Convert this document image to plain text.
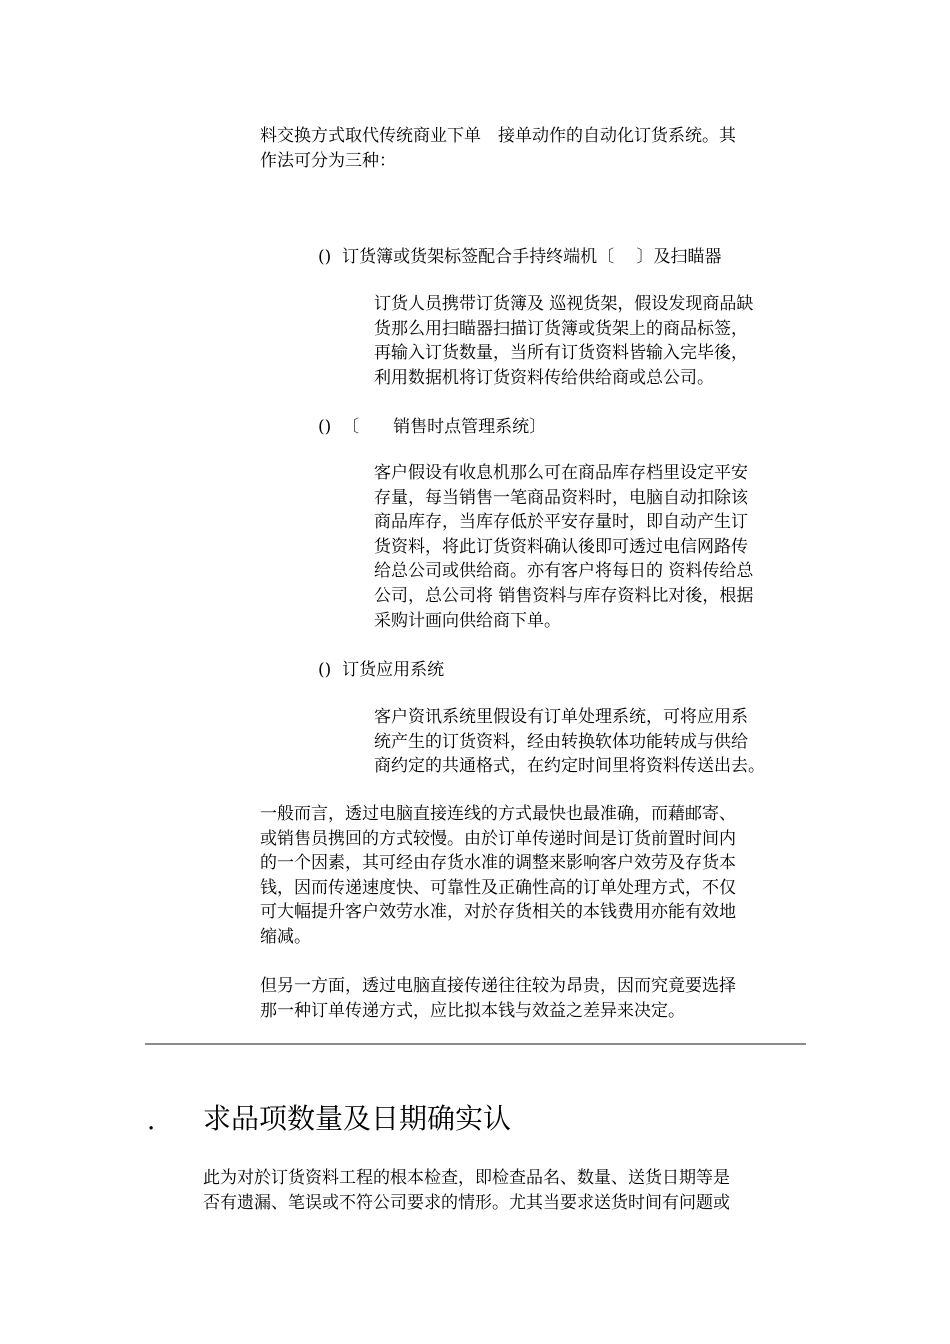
料交换方式取代传统商业下单　接单动作的自动化订货系统。其
作法可分为三种：

()  订货簿或货架标签配合手持终端机〔　 〕及扫瞄器

订货人员携带订货簿及 巡视货架，假设发现商品缺
货那么用扫瞄器扫描订货簿或货架上的商品标签，
再输入订货数量，当所有订货资料皆输入完毕後，
利用数据机将订货资料传给供给商或总公司。

()  〔　　销售时点管理系统〕

客户假设有收息机那么可在商品库存档里设定平安
存量，每当销售一笔商品资料时，电脑自动扣除该
商品库存，当库存低於平安存量时，即自动产生订
货资料，将此订货资料确认後即可透过电信网路传
给总公司或供给商。亦有客户将每日的 资料传给总
公司，总公司将 销售资料与库存资料比对後，根据
采购计画向供给商下单。

()  订货应用系统

客户资讯系统里假设有订单处理系统，可将应用系
统产生的订货资料，经由转换软体功能转成与供给
商约定的共通格式，在约定时间里将资料传送出去。

一般而言，透过电脑直接连线的方式最快也最准确，而藉邮寄、
或销售员携回的方式较慢。由於订单传递时间是订货前置时间内
的一个因素，其可经由存货水准的调整来影响客户效劳及存货本
钱，因而传递速度快、可靠性及正确性高的订单处理方式，不仅
可大幅提升客户效劳水准，对於存货相关的本钱费用亦能有效地
缩减。

但另一方面，透过电脑直接传递往往较为昂贵，因而究竟要选择
那一种订单传递方式，应比拟本钱与效益之差异来决定。

. 求品项数量及日期确实认

此为对於订货资料工程的根本检查，即检查品名、数量、送货日期等是
否有遗漏、笔误或不符公司要求的情形。尤其当要求送货时间有问题或
